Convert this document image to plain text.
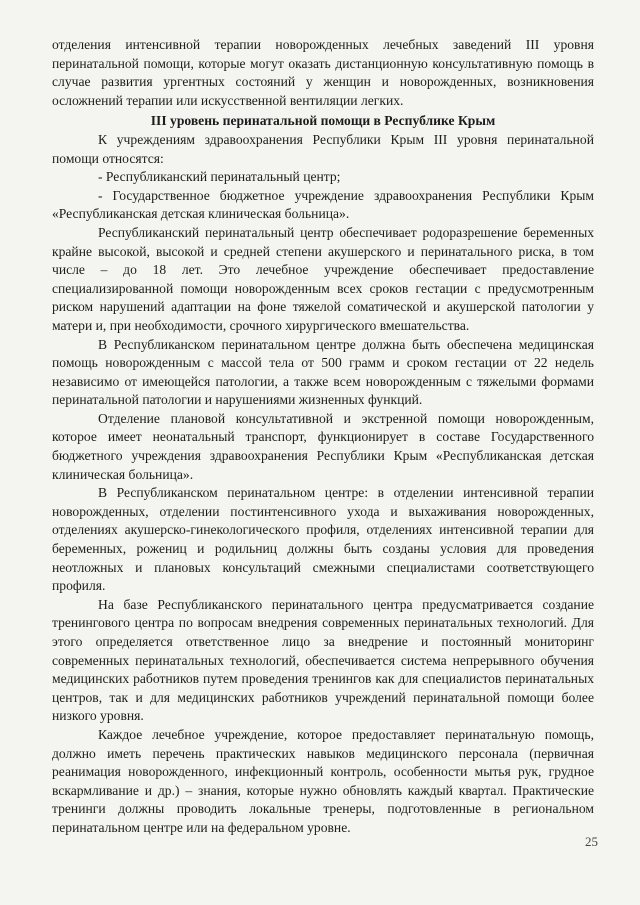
отделения интенсивной терапии новорожденных лечебных заведений III уровня перинатальной помощи, которые могут оказать дистанционную консультативную помощь в случае развития ургентных состояний у женщин и новорожденных, возникновения осложнений терапии или искусственной вентиляции легких.

III уровень перинатальной помощи в Республике Крым

К учреждениям здравоохранения Республики Крым III уровня перинатальной помощи относятся:

- Республиканский перинатальный центр;

- Государственное бюджетное учреждение здравоохранения Республики Крым «Республиканская детская клиническая больница».

Республиканский перинатальный центр обеспечивает родоразрешение беременных крайне высокой, высокой и средней степени акушерского и перинатального риска, в том числе – до 18 лет. Это лечебное учреждение обеспечивает предоставление специализированной помощи новорожденным всех сроков гестации с предусмотренным риском нарушений адаптации на фоне тяжелой соматической и акушерской патологии у матери и, при необходимости, срочного хирургического вмешательства.

В Республиканском перинатальном центре должна быть обеспечена медицинская помощь новорожденным с массой тела от 500 грамм и сроком гестации от 22 недель независимо от имеющейся патологии, а также всем новорожденным с тяжелыми формами перинатальной патологии и нарушениями жизненных функций.

Отделение плановой консультативной и экстренной помощи новорожденным, которое имеет неонатальный транспорт, функционирует в составе Государственного бюджетного учреждения здравоохранения Республики Крым «Республиканская детская клиническая больница».

В Республиканском перинатальном центре: в отделении интенсивной терапии новорожденных, отделении постинтенсивного ухода и выхаживания новорожденных, отделениях акушерско-гинекологического профиля, отделениях интенсивной терапии для беременных, рожениц и родильниц должны быть созданы условия для проведения неотложных и плановых консультаций смежными специалистами соответствующего профиля.

На базе Республиканского перинатального центра предусматривается создание тренингового центра по вопросам внедрения современных перинатальных технологий. Для этого определяется ответственное лицо за внедрение и постоянный мониторинг современных перинатальных технологий, обеспечивается система непрерывного обучения медицинских работников путем проведения тренингов как для специалистов перинатальных центров, так и для медицинских работников учреждений перинатальной помощи более низкого уровня.

Каждое лечебное учреждение, которое предоставляет перинатальную помощь, должно иметь перечень практических навыков медицинского персонала (первичная реанимация новорожденного, инфекционный контроль, особенности мытья рук, грудное вскармливание и др.) – знания, которые нужно обновлять каждый квартал. Практические тренинги должны проводить локальные тренеры, подготовленные в региональном перинатальном центре или на федеральном уровне.

25
